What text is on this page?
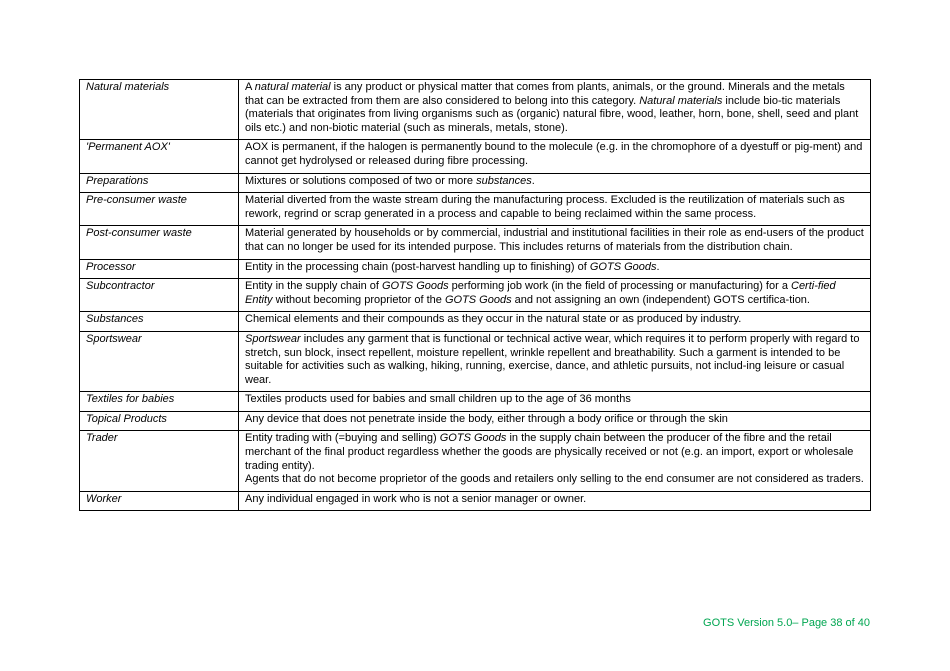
Natural materials	A natural material is any product or physical matter that comes from plants, animals, or the ground. Minerals and the metals that can be extracted from them are also considered to belong into this category. Natural materials include bio-tic materials (materials that originates from living organisms such as (organic) natural fibre, wood, leather, horn, bone, shell, seed and plant oils etc.) and non-biotic material (such as minerals, metals, stone).

'Permanent AOX'	AOX is permanent, if the halogen is permanently bound to the molecule (e.g. in the chromophore of a dyestuff or pig-ment) and cannot get hydrolysed or released during fibre processing.

Preparations	Mixtures or solutions composed of two or more substances.

Pre-consumer waste	Material diverted from the waste stream during the manufacturing process. Excluded is the reutilization of materials such as rework, regrind or scrap generated in a process and capable to being reclaimed within the same process.

Post-consumer waste	Material generated by households or by commercial, industrial and institutional facilities in their role as end-users of the product that can no longer be used for its intended purpose. This includes returns of materials from the distribution chain.

Processor	Entity in the processing chain (post-harvest handling up to finishing) of GOTS Goods.

Subcontractor	Entity in the supply chain of GOTS Goods performing job work (in the field of processing or manufacturing) for a Certi-fied Entity without becoming proprietor of the GOTS Goods and not assigning an own (independent) GOTS certifica-tion.

Substances	Chemical elements and their compounds as they occur in the natural state or as produced by industry.

Sportswear	Sportswear includes any garment that is functional or technical active wear, which requires it to perform properly with regard to stretch, sun block, insect repellent, moisture repellent, wrinkle repellent and breathability. Such a garment is intended to be suitable for activities such as walking, hiking, running, exercise, dance, and athletic pursuits, not includ-ing leisure or casual wear.

Textiles for babies	Textiles products used for babies and small children up to the age of 36 months

Topical Products	Any device that does not penetrate inside the body, either through a body orifice or through the skin

Trader	Entity trading with (=buying and selling) GOTS Goods in the supply chain between the producer of the fibre and the retail merchant of the final product regardless whether the goods are physically received or not (e.g. an import, export or wholesale trading entity).
Agents that do not become proprietor of the goods and retailers only selling to the end consumer are not considered as traders.

Worker	Any individual engaged in work who is not a senior manager or owner.
GOTS Version 5.0– Page 38 of 40
